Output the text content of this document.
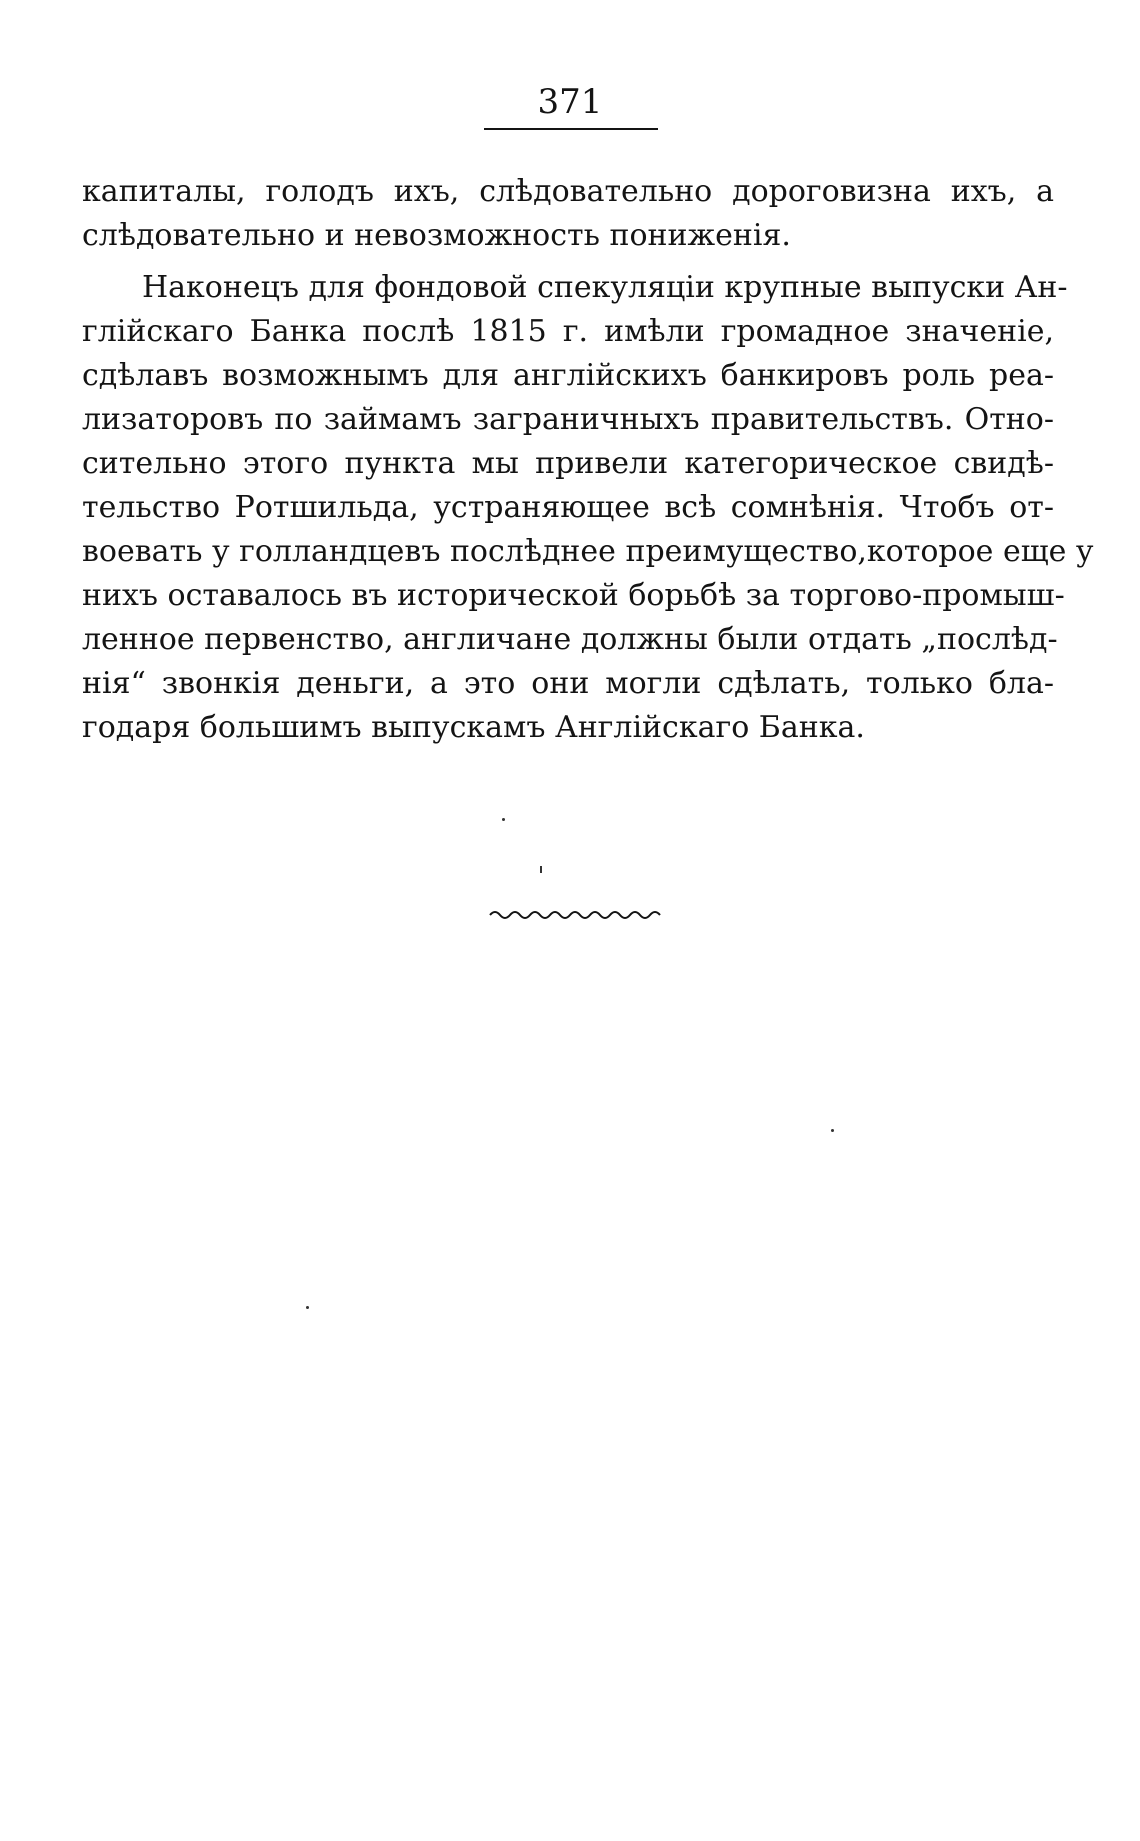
371
капиталы, голодъ ихъ, слѣдовательно дороговизна ихъ, а
слѣдовательно и невозможность пониженія.
Наконецъ для фондовой спекуляціи крупные выпуски Ан-
глійскаго Банка послѣ 1815 г. имѣли громадное значеніе,
сдѣлавъ возможнымъ для англійскихъ банкировъ роль реа-
лизаторовъ по займамъ заграничныхъ правительствъ. Отно-
сительно этого пункта мы привели категорическое свидѣ-
тельство Ротшильда, устраняющее всѣ сомнѣнія. Чтобъ от-
воевать у голландцевъ послѣднее преимущество,которое еще у
нихъ оставалось въ исторической борьбѣ за торгово-промыш-
ленное первенство, англичане должны были отдать „послѣд-
нія“ звонкія деньги, а это они могли сдѣлать, только бла-
годаря большимъ выпускамъ Англійскаго Банка.
